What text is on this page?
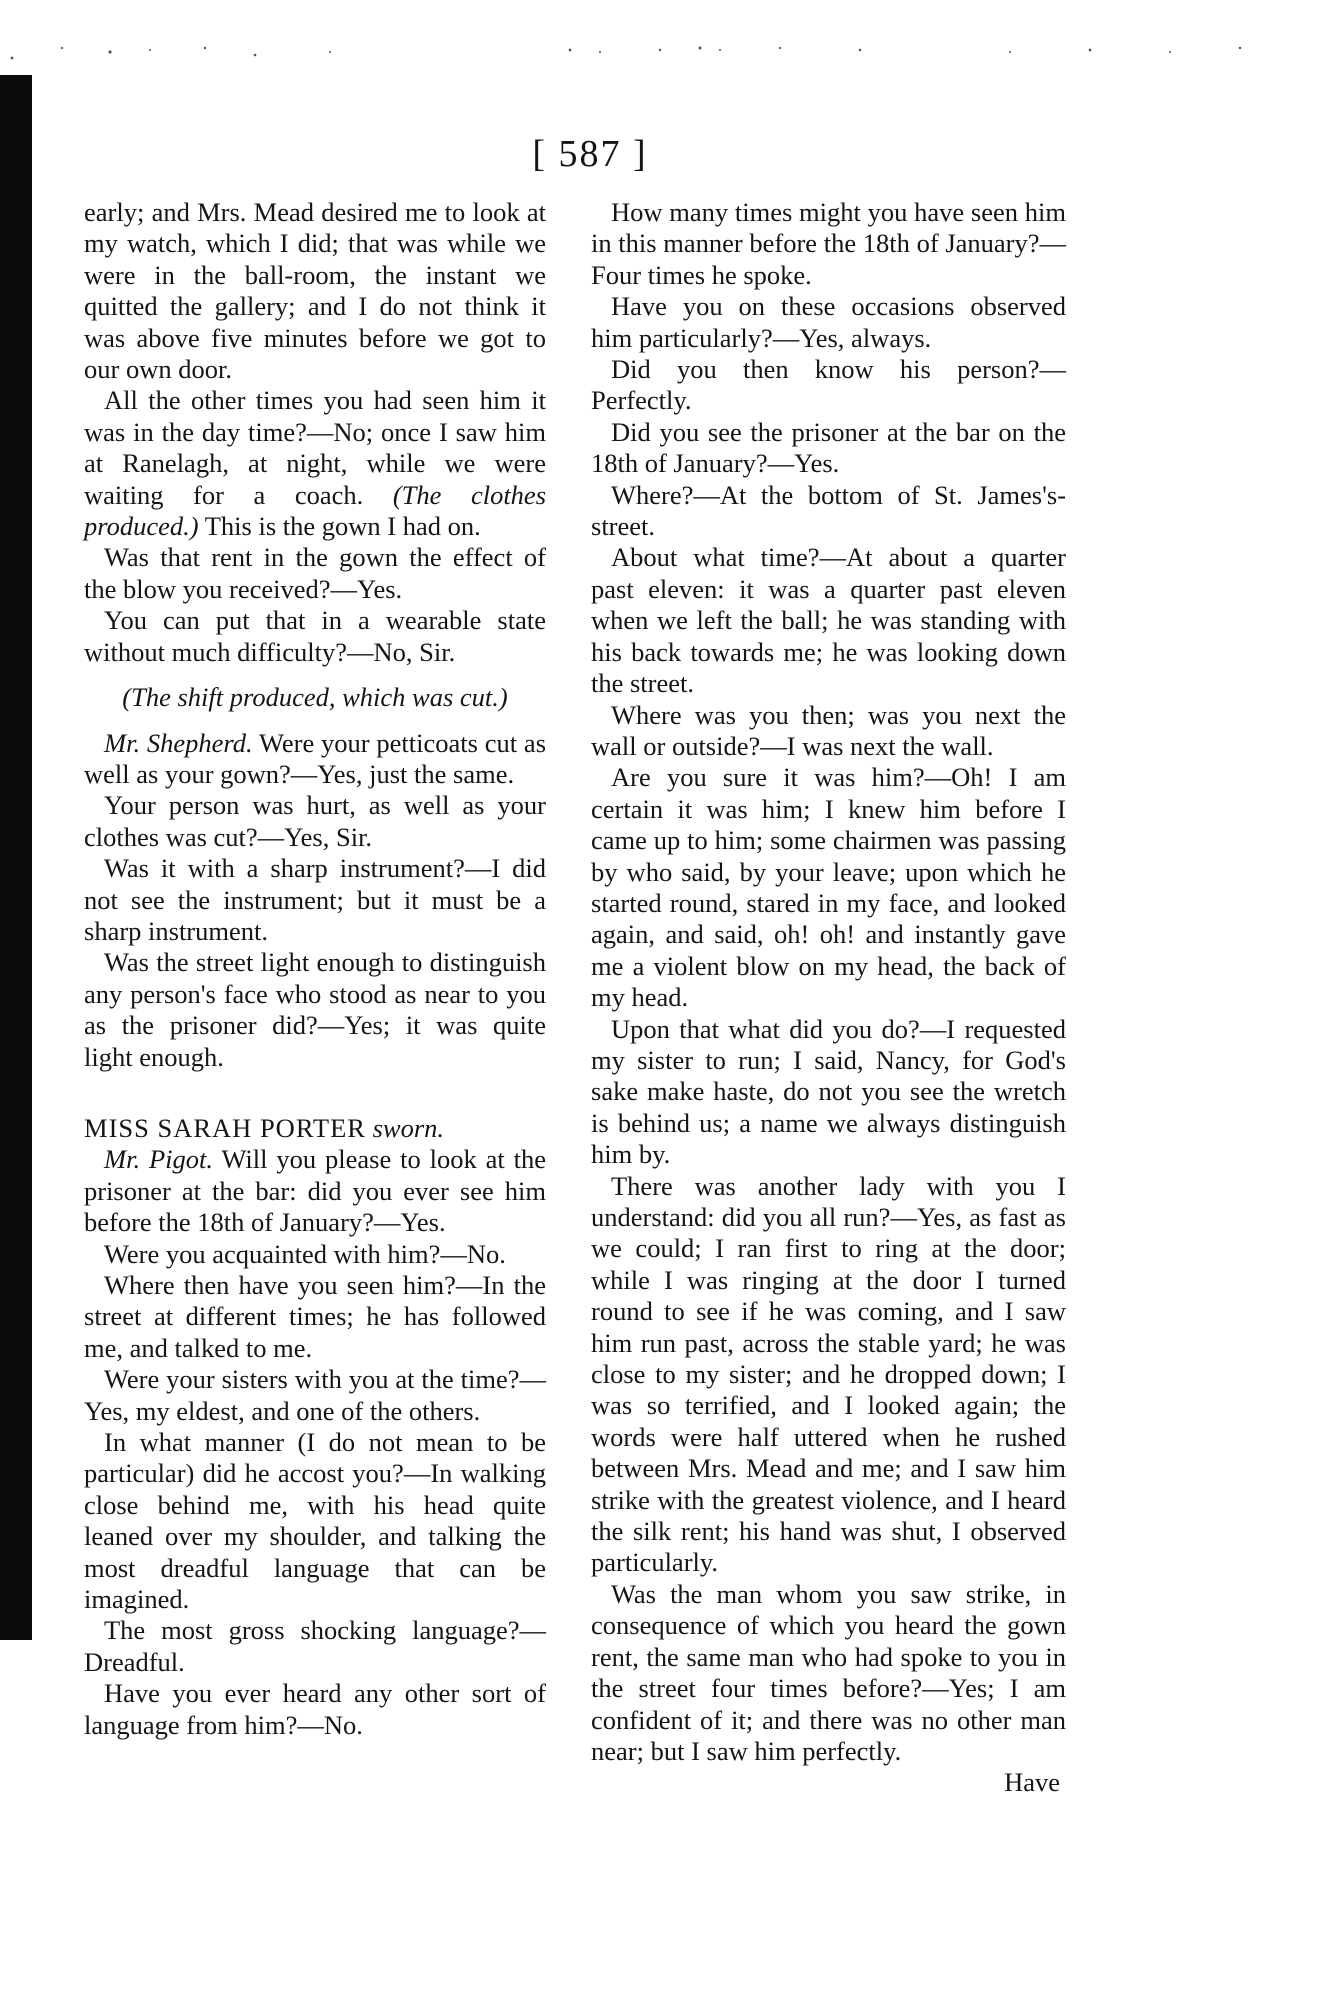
[ 587 ]

early; and Mrs. Mead desired me to look at my watch, which I did; that was while we were in the ball-room, the instant we quitted the gallery; and I do not think it was above five minutes before we got to our own door.

All the other times you had seen him it was in the day time?—No; once I saw him at Ranelagh, at night, while we were waiting for a coach. (The clothes produced.) This is the gown I had on.

Was that rent in the gown the effect of the blow you received?—Yes.

You can put that in a wearable state without much difficulty?—No, Sir.

(The shift produced, which was cut.)

Mr. Shepherd. Were your petticoats cut as well as your gown?—Yes, just the same.

Your person was hurt, as well as your clothes was cut?—Yes, Sir.

Was it with a sharp instrument?—I did not see the instrument; but it must be a sharp instrument.

Was the street light enough to distinguish any person's face who stood as near to you as the prisoner did?—Yes; it was quite light enough.

MISS SARAH PORTER sworn.

Mr. Pigot. Will you please to look at the prisoner at the bar: did you ever see him before the 18th of January?—Yes.

Were you acquainted with him?—No.

Where then have you seen him?—In the street at different times; he has followed me, and talked to me.

Were your sisters with you at the time?—Yes, my eldest, and one of the others.

In what manner (I do not mean to be particular) did he accost you?—In walking close behind me, with his head quite leaned over my shoulder, and talking the most dreadful language that can be imagined.

The most gross shocking language?—Dreadful.

Have you ever heard any other sort of language from him?—No.

How many times might you have seen him in this manner before the 18th of January?—Four times he spoke.

Have you on these occasions observed him particularly?—Yes, always.

Did you then know his person?—Perfectly.

Did you see the prisoner at the bar on the 18th of January?—Yes.

Where?—At the bottom of St. James's-street.

About what time?—At about a quarter past eleven: it was a quarter past eleven when we left the ball; he was standing with his back towards me; he was looking down the street.

Where was you then; was you next the wall or outside?—I was next the wall.

Are you sure it was him?—Oh! I am certain it was him; I knew him before I came up to him; some chairmen was passing by who said, by your leave; upon which he started round, stared in my face, and looked again, and said, oh! oh! and instantly gave me a violent blow on my head, the back of my head.

Upon that what did you do?—I requested my sister to run; I said, Nancy, for God's sake make haste, do not you see the wretch is behind us; a name we always distinguish him by.

There was another lady with you I understand: did you all run?—Yes, as fast as we could; I ran first to ring at the door; while I was ringing at the door I turned round to see if he was coming, and I saw him run past, across the stable yard; he was close to my sister; and he dropped down; I was so terrified, and I looked again; the words were half uttered when he rushed between Mrs. Mead and me; and I saw him strike with the greatest violence, and I heard the silk rent; his hand was shut, I observed particularly.

Was the man whom you saw strike, in consequence of which you heard the gown rent, the same man who had spoke to you in the street four times before?—Yes; I am confident of it; and there was no other man near; but I saw him perfectly.

Have
